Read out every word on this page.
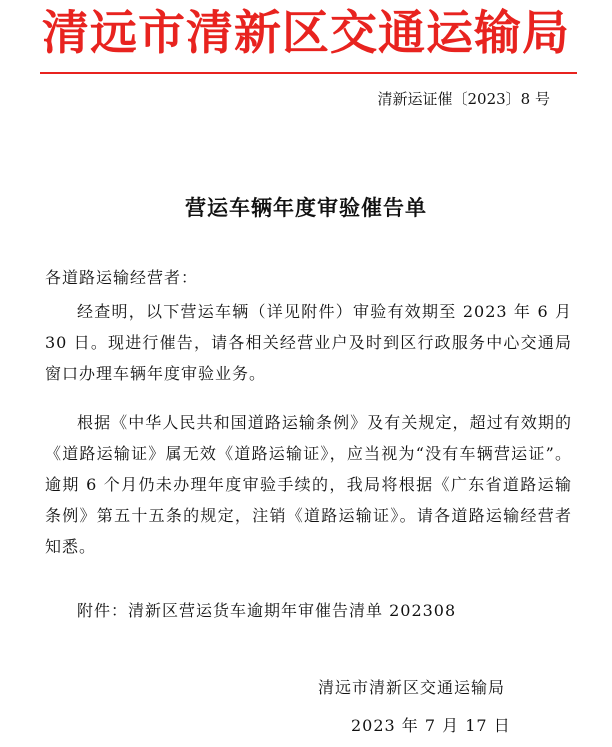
清远市清新区交通运输局
清新运证催〔2023〕8 号
营运车辆年度审验催告单
各道路运输经营者：

经查明，以下营运车辆（详见附件）审验有效期至 2023 年 6 月 30 日。现进行催告，请各相关经营业户及时到区行政服务中心交通局窗口办理车辆年度审验业务。

根据《中华人民共和国道路运输条例》及有关规定，超过有效期的《道路运输证》属无效《道路运输证》，应当视为“没有车辆营运证”。逾期 6 个月仍未办理年度审验手续的，我局将根据《广东省道路运输条例》第五十五条的规定，注销《道路运输证》。请各道路运输经营者知悉。

附件：清新区营运货车逾期年审催告清单 202308
清远市清新区交通运输局
2023 年 7 月 17 日
